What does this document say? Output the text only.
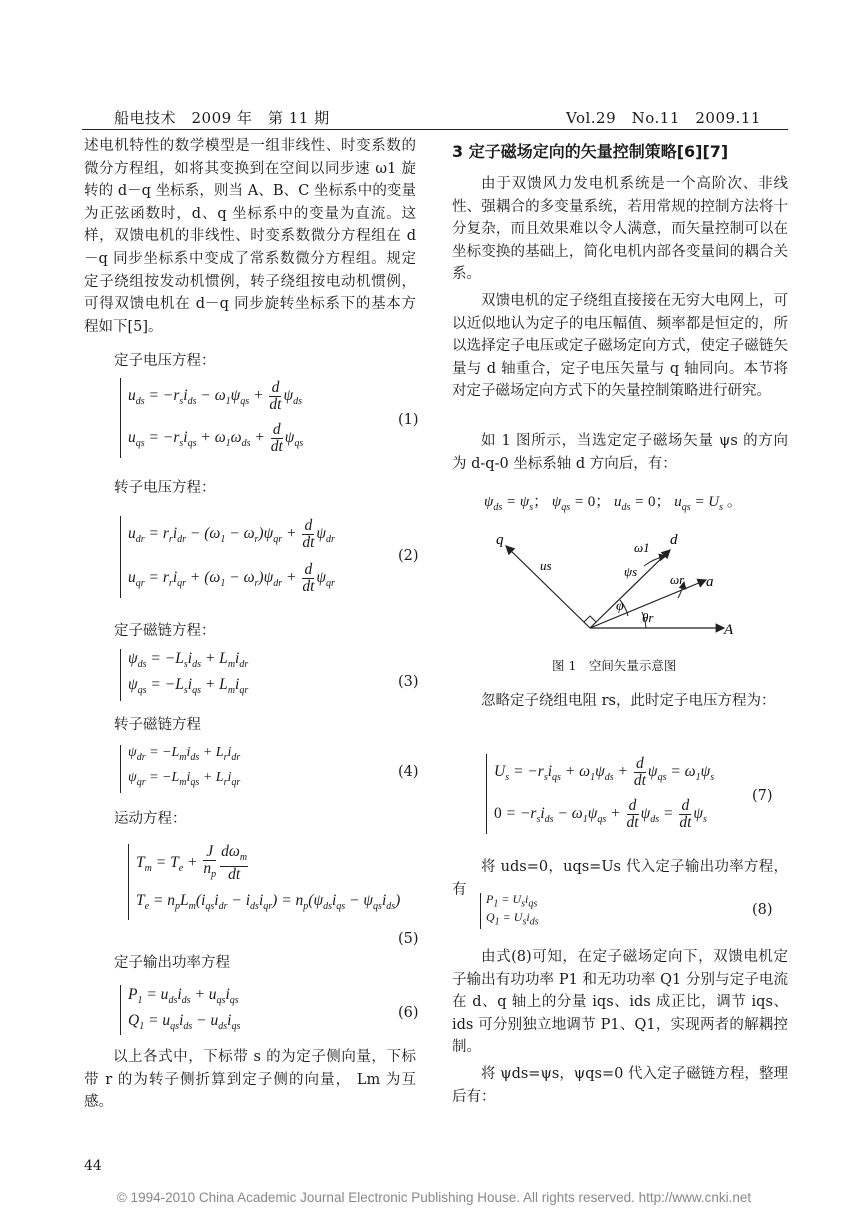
船电技术　2009 年　第 11 期	Vol.29　No.11　2009.11
述电机特性的数学模型是一组非线性、时变系数的微分方程组，如将其变换到在空间以同步速 ω1 旋转的 d－q 坐标系，则当 A、B、C 坐标系中的变量为正弦函数时，d、q 坐标系中的变量为直流。这样，双馈电机的非线性、时变系数微分方程组在 d－q 同步坐标系中变成了常系数微分方程组。规定定子绕组按发动机惯例，转子绕组按电动机惯例，可得双馈电机在 d－q 同步旋转坐标系下的基本方程如下[5]。
定子电压方程：
$u_{ds} = -r_si_{ds} - \omega_1\psi_{qs} + \frac{d}{dt} \psi_{ds}$
$u_{qs} = -r_si_{qs} + \omega_1\omega_{ds} + \frac{d}{dt} \psi_{qs}$
(1)
转子电压方程：
$u_{dr} = r_ri_{dr} - (\omega_1 - \omega_r)\psi_{qr} + \frac{d}{dt} \psi_{dr}$
$u_{qr} = r_ri_{qr} + (\omega_1 - \omega_r)\psi_{dr} + \frac{d}{dt} \psi_{qr}$
(2)
定子磁链方程：
$\psi_{ds} = -L_si_{ds} + L_mi_{dr}$
$\psi_{qs} = -L_si_{qs} + L_mi_{qr}$
(3)
转子磁链方程
$\psi_{dr} = -L_mi_{ds} + L_ri_{dr}$
$\psi_{qr} = -L_mi_{qs} + L_ri_{qr}$
(4)
运动方程：
$T_m = T_e + \frac{J}{n_p} \frac{d\omega_m}{dt}$
$T_e = n_pL_m(i_{qs}i_{dr} - i_{ds}i_{qr}) = n_p(\psi_{ds}i_{qs} - \psi_{qs}i_{ds})$
(5)
定子输出功率方程
$P_1 = u_{ds}i_{ds} + u_{qs}i_{qs}$
$Q_1 = u_{qs}i_{ds} - u_{ds}i_{qs}$
(6)
以上各式中，下标带 s 的为定子侧向量，下标带 r 的为转子侧折算到定子侧的向量， Lm 为互感。
3 定子磁场定向的矢量控制策略[6][7]
由于双馈风力发电机系统是一个高阶次、非线性、强耦合的多变量系统，若用常规的控制方法将十分复杂，而且效果难以令人满意，而矢量控制可以在坐标变换的基础上，简化电机内部各变量间的耦合关系。
双馈电机的定子绕组直接接在无穷大电网上，可以近似地认为定子的电压幅值、频率都是恒定的，所以选择定子电压或定子磁场定向方式，使定子磁链矢量与 d 轴重合，定子电压矢量与 q 轴同向。本节将对定子磁场定向方式下的矢量控制策略进行研究。
如 1 图所示，当选定定子磁场矢量 ψs 的方向为 d-q-0 坐标系轴 d 方向后，有：
$\psi_{ds} = \psi_s$； $\psi_{qs} = 0$； $u_{ds} = 0$； $u_{qs} = U_s$ 。
q	d
a
A
us	ψs
ω1
ωr
φ
θr
图 1　空间矢量示意图
忽略定子绕组电阻 rs，此时定子电压方程为：
$U_s = -r_si_{qs} + \omega_1\psi_{ds} + \frac{d}{dt} \psi_{qs} = \omega_1\psi_s$
$0 = -r_si_{ds} - \omega_1\psi_{qs} + \frac{d}{dt} \psi_{ds} = \frac{d}{dt} \psi_s$
(7)
将 uds=0，uqs=Us 代入定子输出功率方程，有
$P_1 = U_si_{qs}$
$Q_1 = U_si_{ds}$
(8)
由式(8)可知，在定子磁场定向下，双馈电机定子输出有功功率 P1 和无功功率 Q1 分别与定子电流在 d、q 轴上的分量 iqs、ids 成正比，调节 iqs、ids 可分别独立地调节 P1、Q1，实现两者的解耦控制。
将 ψds=ψs，ψqs=0 代入定子磁链方程，整理后有：
44
© 1994-2010 China Academic Journal Electronic Publishing House. All rights reserved. http://www.cnki.net
